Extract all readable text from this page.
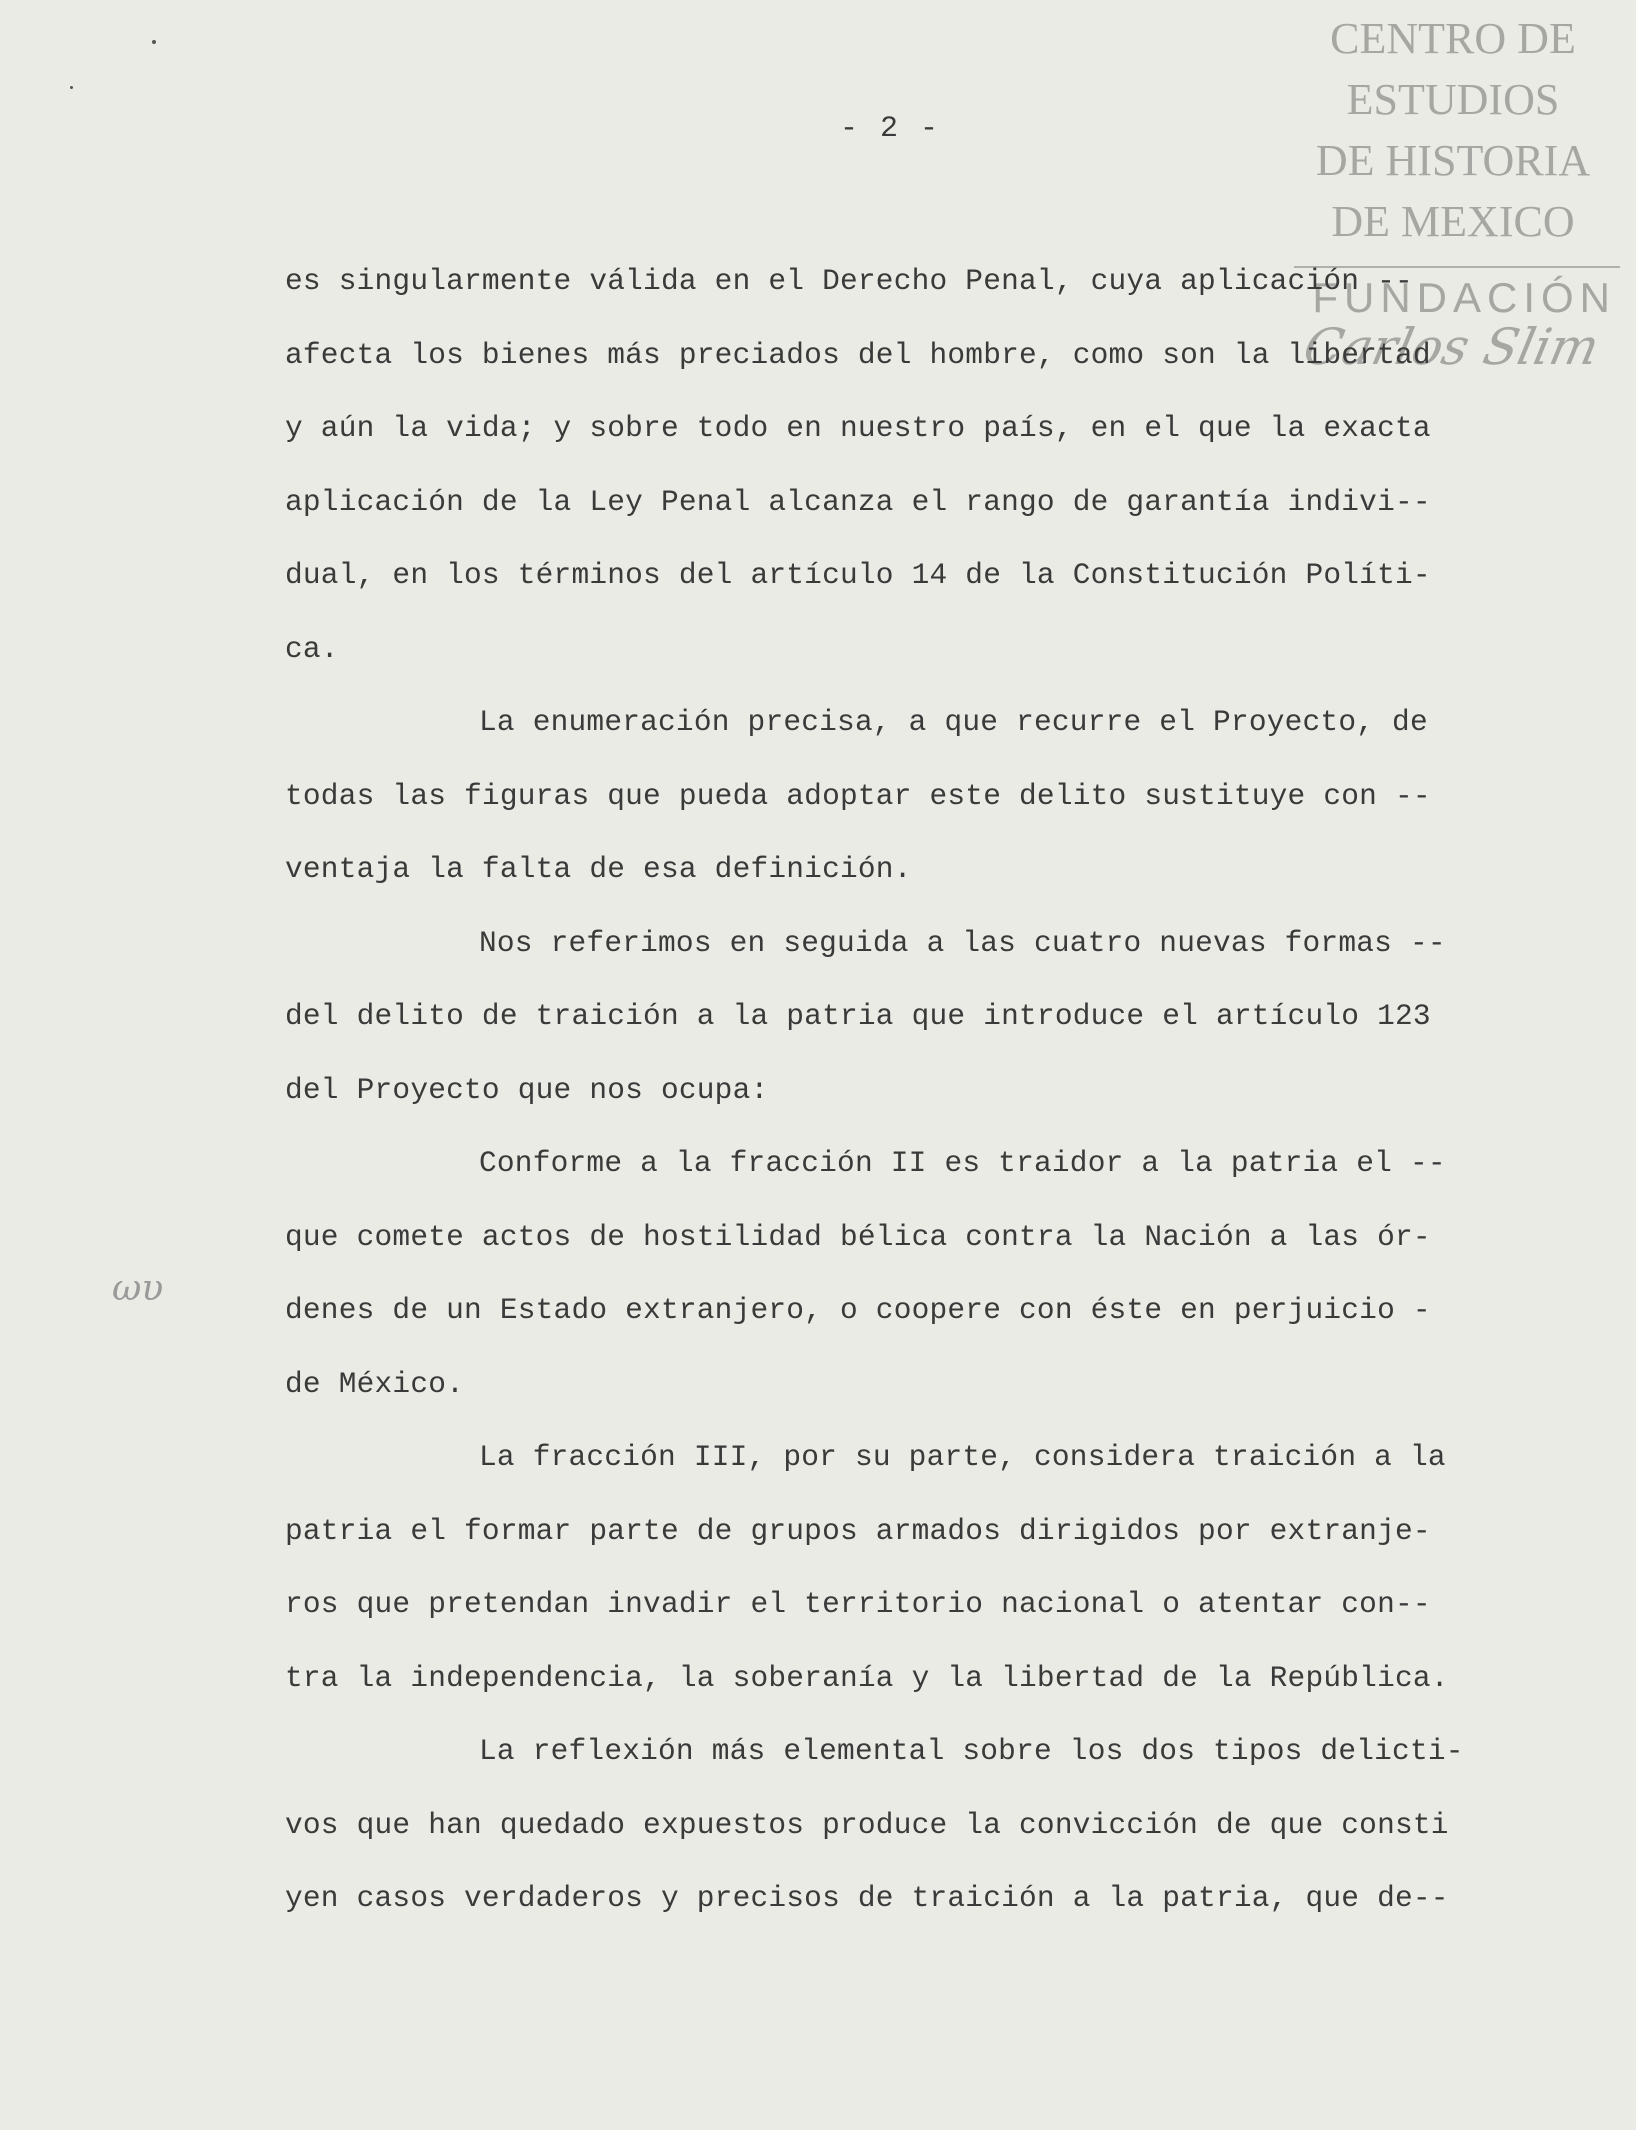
CENTRO DE
ESTUDIOS
DE HISTORIA
DE MEXICO
FUNDACIÓN
Carlos Slim
- 2 -
ωυ
es singularmente válida en el Derecho Penal, cuya aplicación --
afecta los bienes más preciados del hombre, como son la libertad
y aún la vida; y sobre todo en nuestro país, en el que la exacta
aplicación de la Ley Penal alcanza el rango de garantía indivi--
dual, en los términos del artículo 14 de la Constitución Políti-
ca.
La enumeración precisa, a que recurre el Proyecto, de
todas las figuras que pueda adoptar este delito sustituye con --
ventaja la falta de esa definición.
Nos referimos en seguida a las cuatro nuevas formas --
del delito de traición a la patria que introduce el artículo 123
del Proyecto que nos ocupa:
Conforme a la fracción II es traidor a la patria el --
que comete actos de hostilidad bélica contra la Nación a las ór-
denes de un Estado extranjero, o coopere con éste en perjuicio -
de México.
La fracción III, por su parte, considera traición a la
patria el formar parte de grupos armados dirigidos por extranje-
ros que pretendan invadir el territorio nacional o atentar con--
tra la independencia, la soberanía y la libertad de la República.
La reflexión más elemental sobre los dos tipos delicti-
vos que han quedado expuestos produce la convicción de que consti
yen casos verdaderos y precisos de traición a la patria, que de--
